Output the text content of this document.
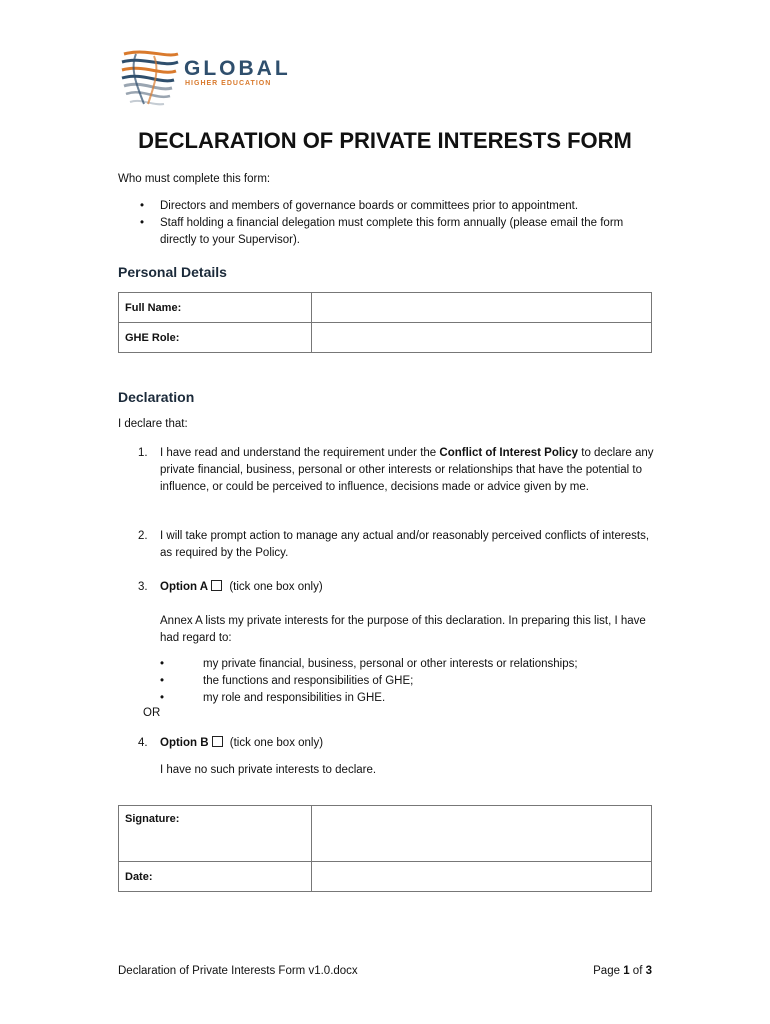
GLOBAL
HIGHER EDUCATION
DECLARATION OF PRIVATE INTERESTS FORM
Who must complete this form:
• Directors and members of governance boards or committees prior to appointment.
• Staff holding a financial delegation must complete this form annually (please email the form directly to your Supervisor).
Personal Details
Full Name:	
GHE Role:	
Declaration
I declare that:
1. I have read and understand the requirement under the Conflict of Interest Policy to declare any private financial, business, personal or other interests or relationships that have the potential to influence, or could be perceived to influence, decisions made or advice given by me.
2. I will take prompt action to manage any actual and/or reasonably perceived conflicts of interests, as required by the Policy.
3. Option A (tick one box only)
Annex A lists my private interests for the purpose of this declaration. In preparing this list, I have had regard to:
• my private financial, business, personal or other interests or relationships;
• the functions and responsibilities of GHE;
• my role and responsibilities in GHE.
OR
4. Option B (tick one box only)
I have no such private interests to declare.
Signature:	
Date:	
Declaration of Private Interests Form v1.0.docx	Page 1 of 3
